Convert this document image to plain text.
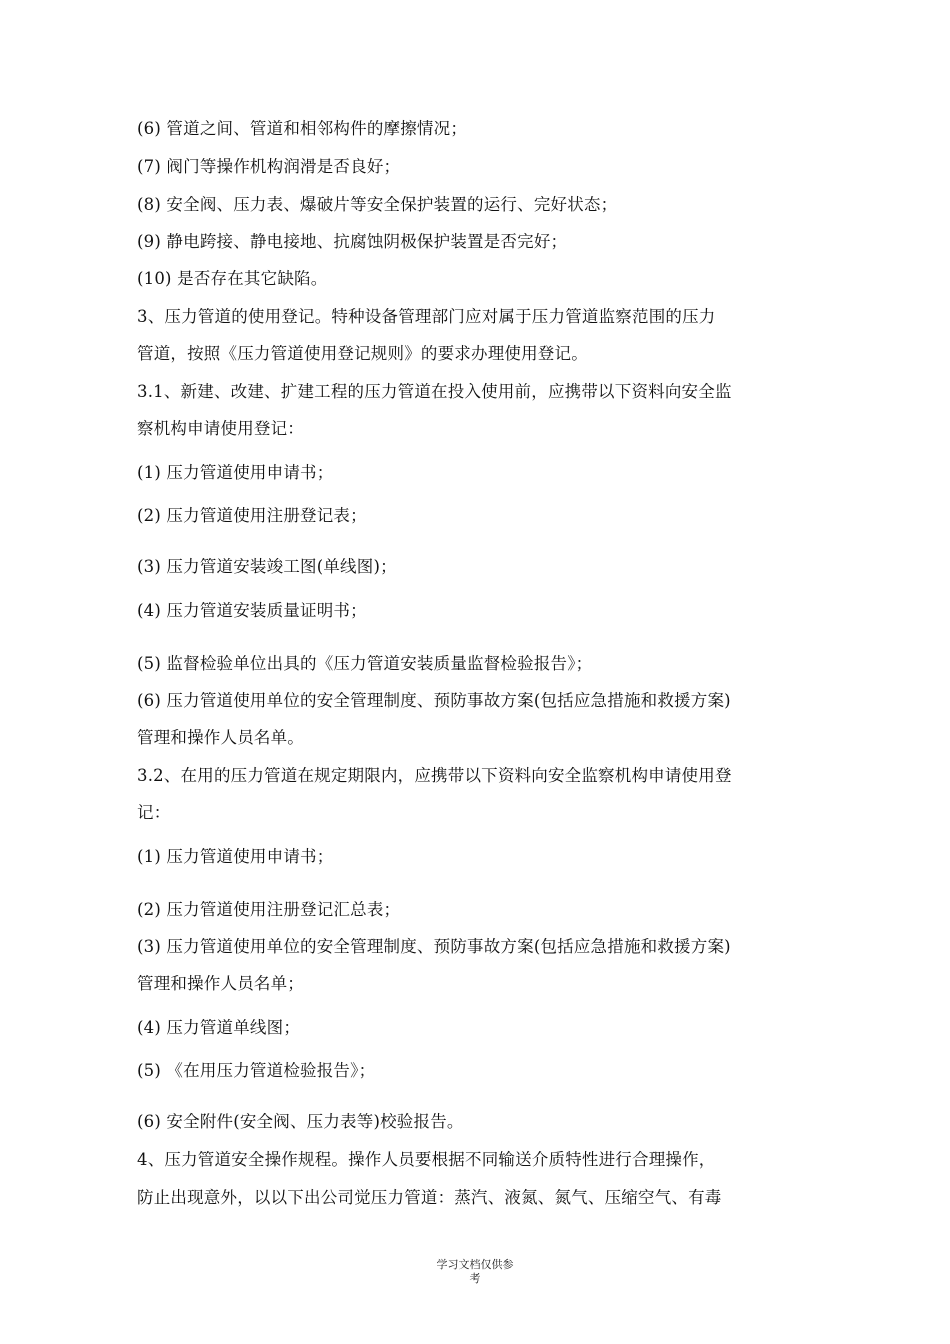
(6) 管道之间、管道和相邻构件的摩擦情况；
(7) 阀门等操作机构润滑是否良好；
(8) 安全阀、压力表、爆破片等安全保护装置的运行、完好状态；
(9) 静电跨接、静电接地、抗腐蚀阴极保护装置是否完好；
(10) 是否存在其它缺陷。
3、压力管道的使用登记。特种设备管理部门应对属于压力管道监察范围的压力
管道，按照《压力管道使用登记规则》的要求办理使用登记。
3.1、新建、改建、扩建工程的压力管道在投入使用前，应携带以下资料向安全监
察机构申请使用登记：
(1) 压力管道使用申请书；
(2) 压力管道使用注册登记表；
(3) 压力管道安装竣工图(单线图)；
(4) 压力管道安装质量证明书；
(5) 监督检验单位出具的《压力管道安装质量监督检验报告》；
(6) 压力管道使用单位的安全管理制度、预防事故方案(包括应急措施和救援方案)
管理和操作人员名单。
3.2、在用的压力管道在规定期限内，应携带以下资料向安全监察机构申请使用登
记：
(1) 压力管道使用申请书；
(2) 压力管道使用注册登记汇总表；
(3) 压力管道使用单位的安全管理制度、预防事故方案(包括应急措施和救援方案)
管理和操作人员名单；
(4) 压力管道单线图；
(5) 《在用压力管道检验报告》；
(6) 安全附件(安全阀、压力表等)校验报告。
4、压力管道安全操作规程。操作人员要根据不同输送介质特性进行合理操作，
防止出现意外，以以下出公司觉压力管道：蒸汽、液氮、氮气、压缩空气、有毒
学习文档仅供参
考
